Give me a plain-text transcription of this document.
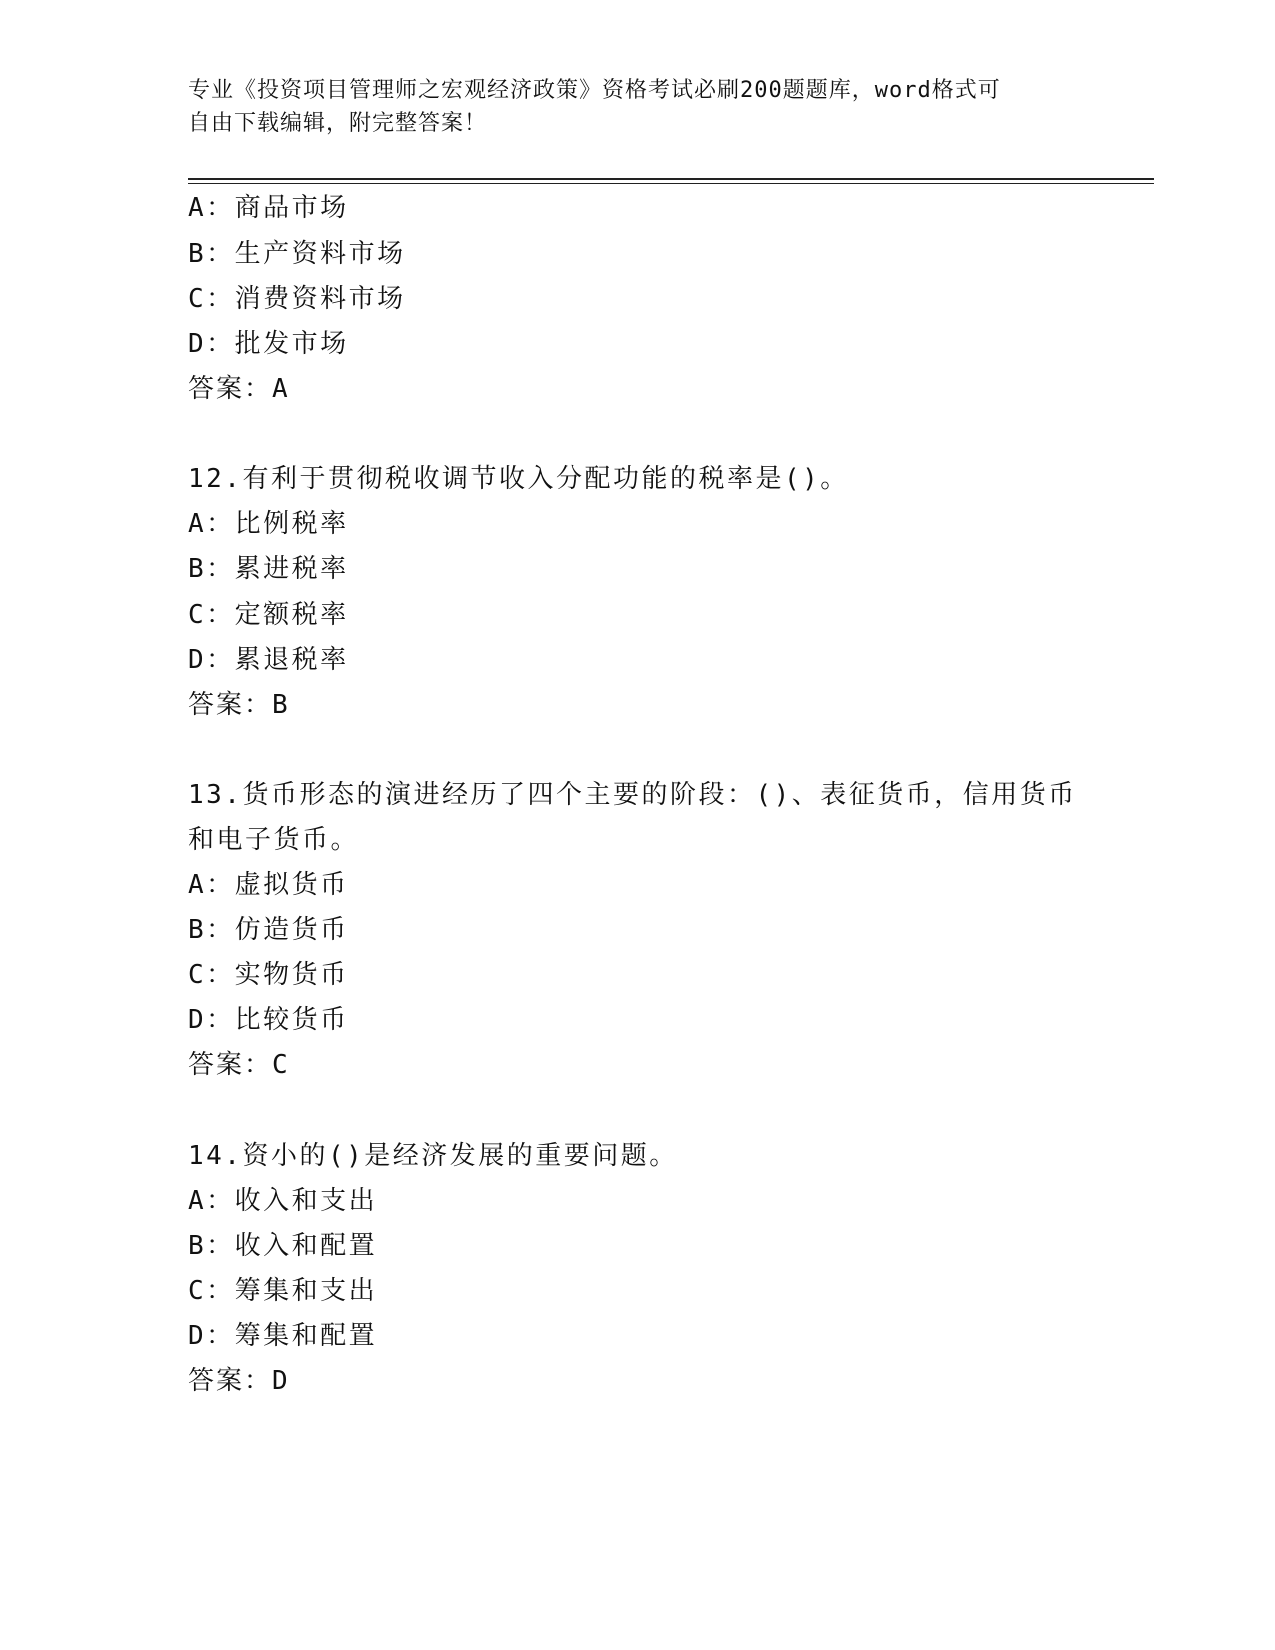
专业《投资项目管理师之宏观经济政策》资格考试必刷200题题库，word格式可
自由下载编辑，附完整答案！
A：商品市场
B：生产资料市场
C：消费资料市场
D：批发市场
答案：A
12.有利于贯彻税收调节收入分配功能的税率是()。
A：比例税率
B：累进税率
C：定额税率
D：累退税率
答案：B
13.货币形态的演进经历了四个主要的阶段：()、表征货币，信用货币
和电子货币。
A：虚拟货币
B：仿造货币
C：实物货币
D：比较货币
答案：C
14.资小的()是经济发展的重要问题。
A：收入和支出
B：收入和配置
C：筹集和支出
D：筹集和配置
答案：D
